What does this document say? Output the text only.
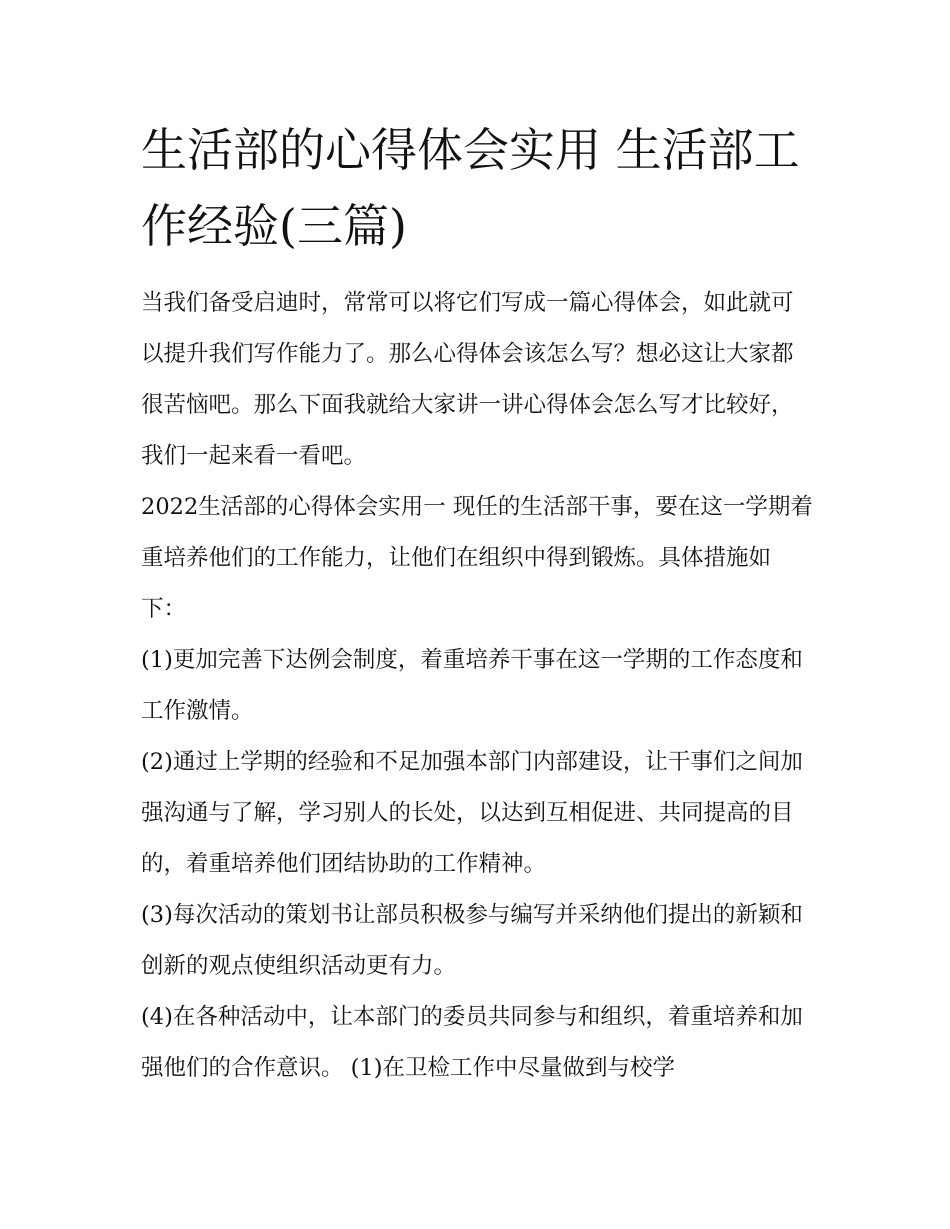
生活部的心得体会实用 生活部工作经验(三篇)

当我们备受启迪时，常常可以将它们写成一篇心得体会，如此就可以提升我们写作能力了。那么心得体会该怎么写？想必这让大家都很苦恼吧。那么下面我就给大家讲一讲心得体会怎么写才比较好，我们一起来看一看吧。

2022生活部的心得体会实用一 现任的生活部干事，要在这一学期着重培养他们的工作能力，让他们在组织中得到锻炼。具体措施如下：

(1)更加完善下达例会制度，着重培养干事在这一学期的工作态度和工作激情。

(2)通过上学期的经验和不足加强本部门内部建设，让干事们之间加强沟通与了解，学习别人的长处，以达到互相促进、共同提高的目的，着重培养他们团结协助的工作精神。

(3)每次活动的策划书让部员积极参与编写并采纳他们提出的新颖和创新的观点使组织活动更有力。

(4)在各种活动中，让本部门的委员共同参与和组织，着重培养和加强他们的合作意识。 (1)在卫检工作中尽量做到与校学
